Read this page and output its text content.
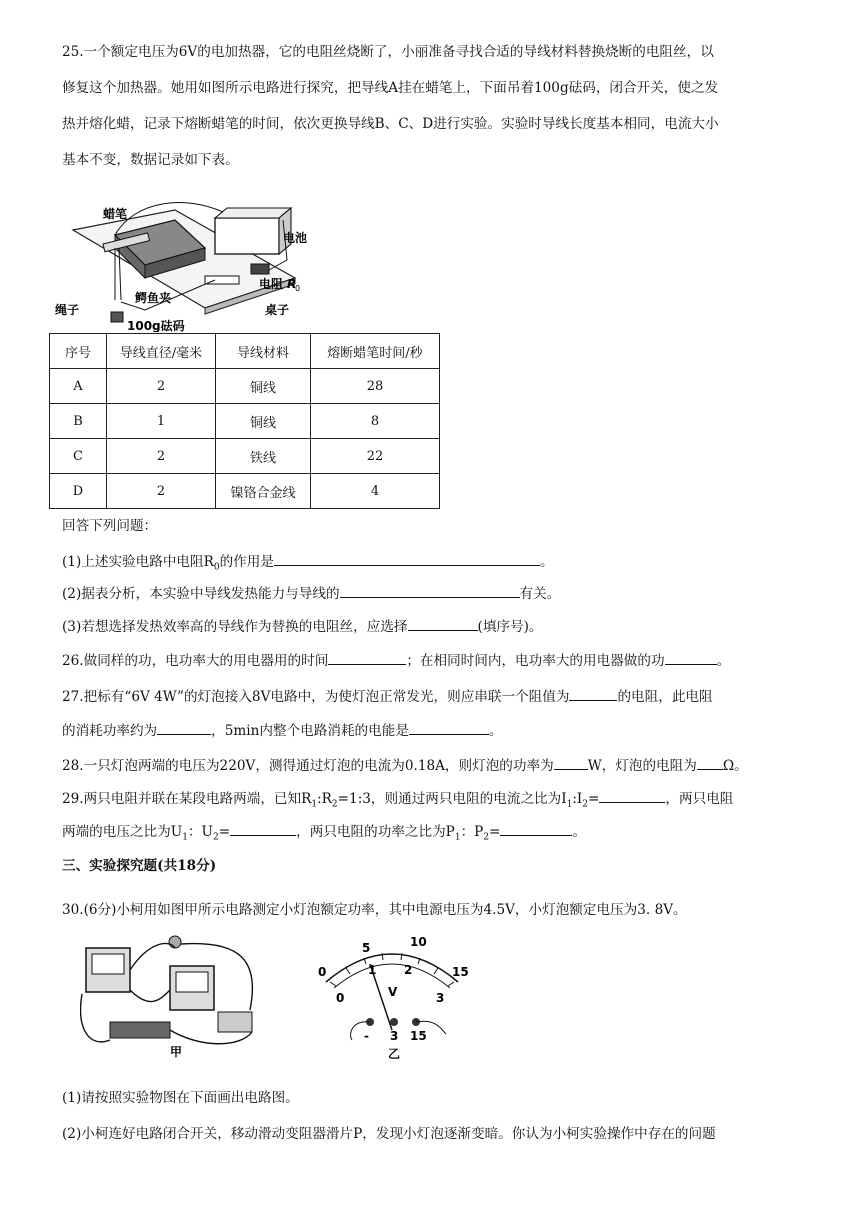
25.一个额定电压为6V的电加热器，它的电阻丝烧断了，小丽准备寻找合适的导线材料替换烧断的电阻丝，以
修复这个加热器。她用如图所示电路进行探究，把导线A挂在蜡笔上，下面吊着100g砝码，闭合开关，使之发
热并熔化蜡，记录下熔断蜡笔的时间，依次更换导线B、C、D进行实验。实验时导线长度基本相同，电流大小
基本不变，数据记录如下表。
蜡笔
电池
电阻 R
0
绳子
鳄鱼夹
桌子
100g砝码
序号	导线直径/毫米	导线材料	熔断蜡笔时间/秒
A	2	铜线	28
B	1	铜线	8
C	2	铁线	22
D	2	镍铬合金线	4
回答下列问题：
(1)上述实验电路中电阻$R_0$的作用是	。
(2)据表分析，本实验中导线发热能力与导线的	有关。
(3)若想选择发热效率高的导线作为替换的电阻丝，应选择	(填序号)。
26.做同样的功，电功率大的用电器用的时间	；在相同时间内，电功率大的用电器做的功	。
27.把标有“6V 4W”的灯泡接入8V电路中，为使灯泡正常发光，则应串联一个阻值为	的电阻，此电阻
的消耗功率约为	，5min内整个电路消耗的电能是	。
28.一只灯泡两端的电压为220V，测得通过灯泡的电流为0.18A，则灯泡的功率为	W，灯泡的电阻为 Ω。
29.两只电阻并联在某段电路两端，已知$R_1:R_2=1:3$，则通过两只电阻的电流之比为$I_1:I_2=$	，两只电阻
两端的电压之比为$U_1$：$U_2=$	，两只电阻的功率之比为$P_1$：$P_2=$	。
三、实验探究题(共18分)
30.(6分)小柯用如图甲所示电路测定小灯泡额定功率，其中电源电压为4.5V，小灯泡额定电压为3. 8V。
甲
0
5	10
15
0
1 2
3
V
- 3 15
乙
(1)请按照实验物图在下面画出电路图。
(2)小柯连好电路闭合开关，移动滑动变阻器滑片P，发现小灯泡逐渐变暗。你认为小柯实验操作中存在的问题
